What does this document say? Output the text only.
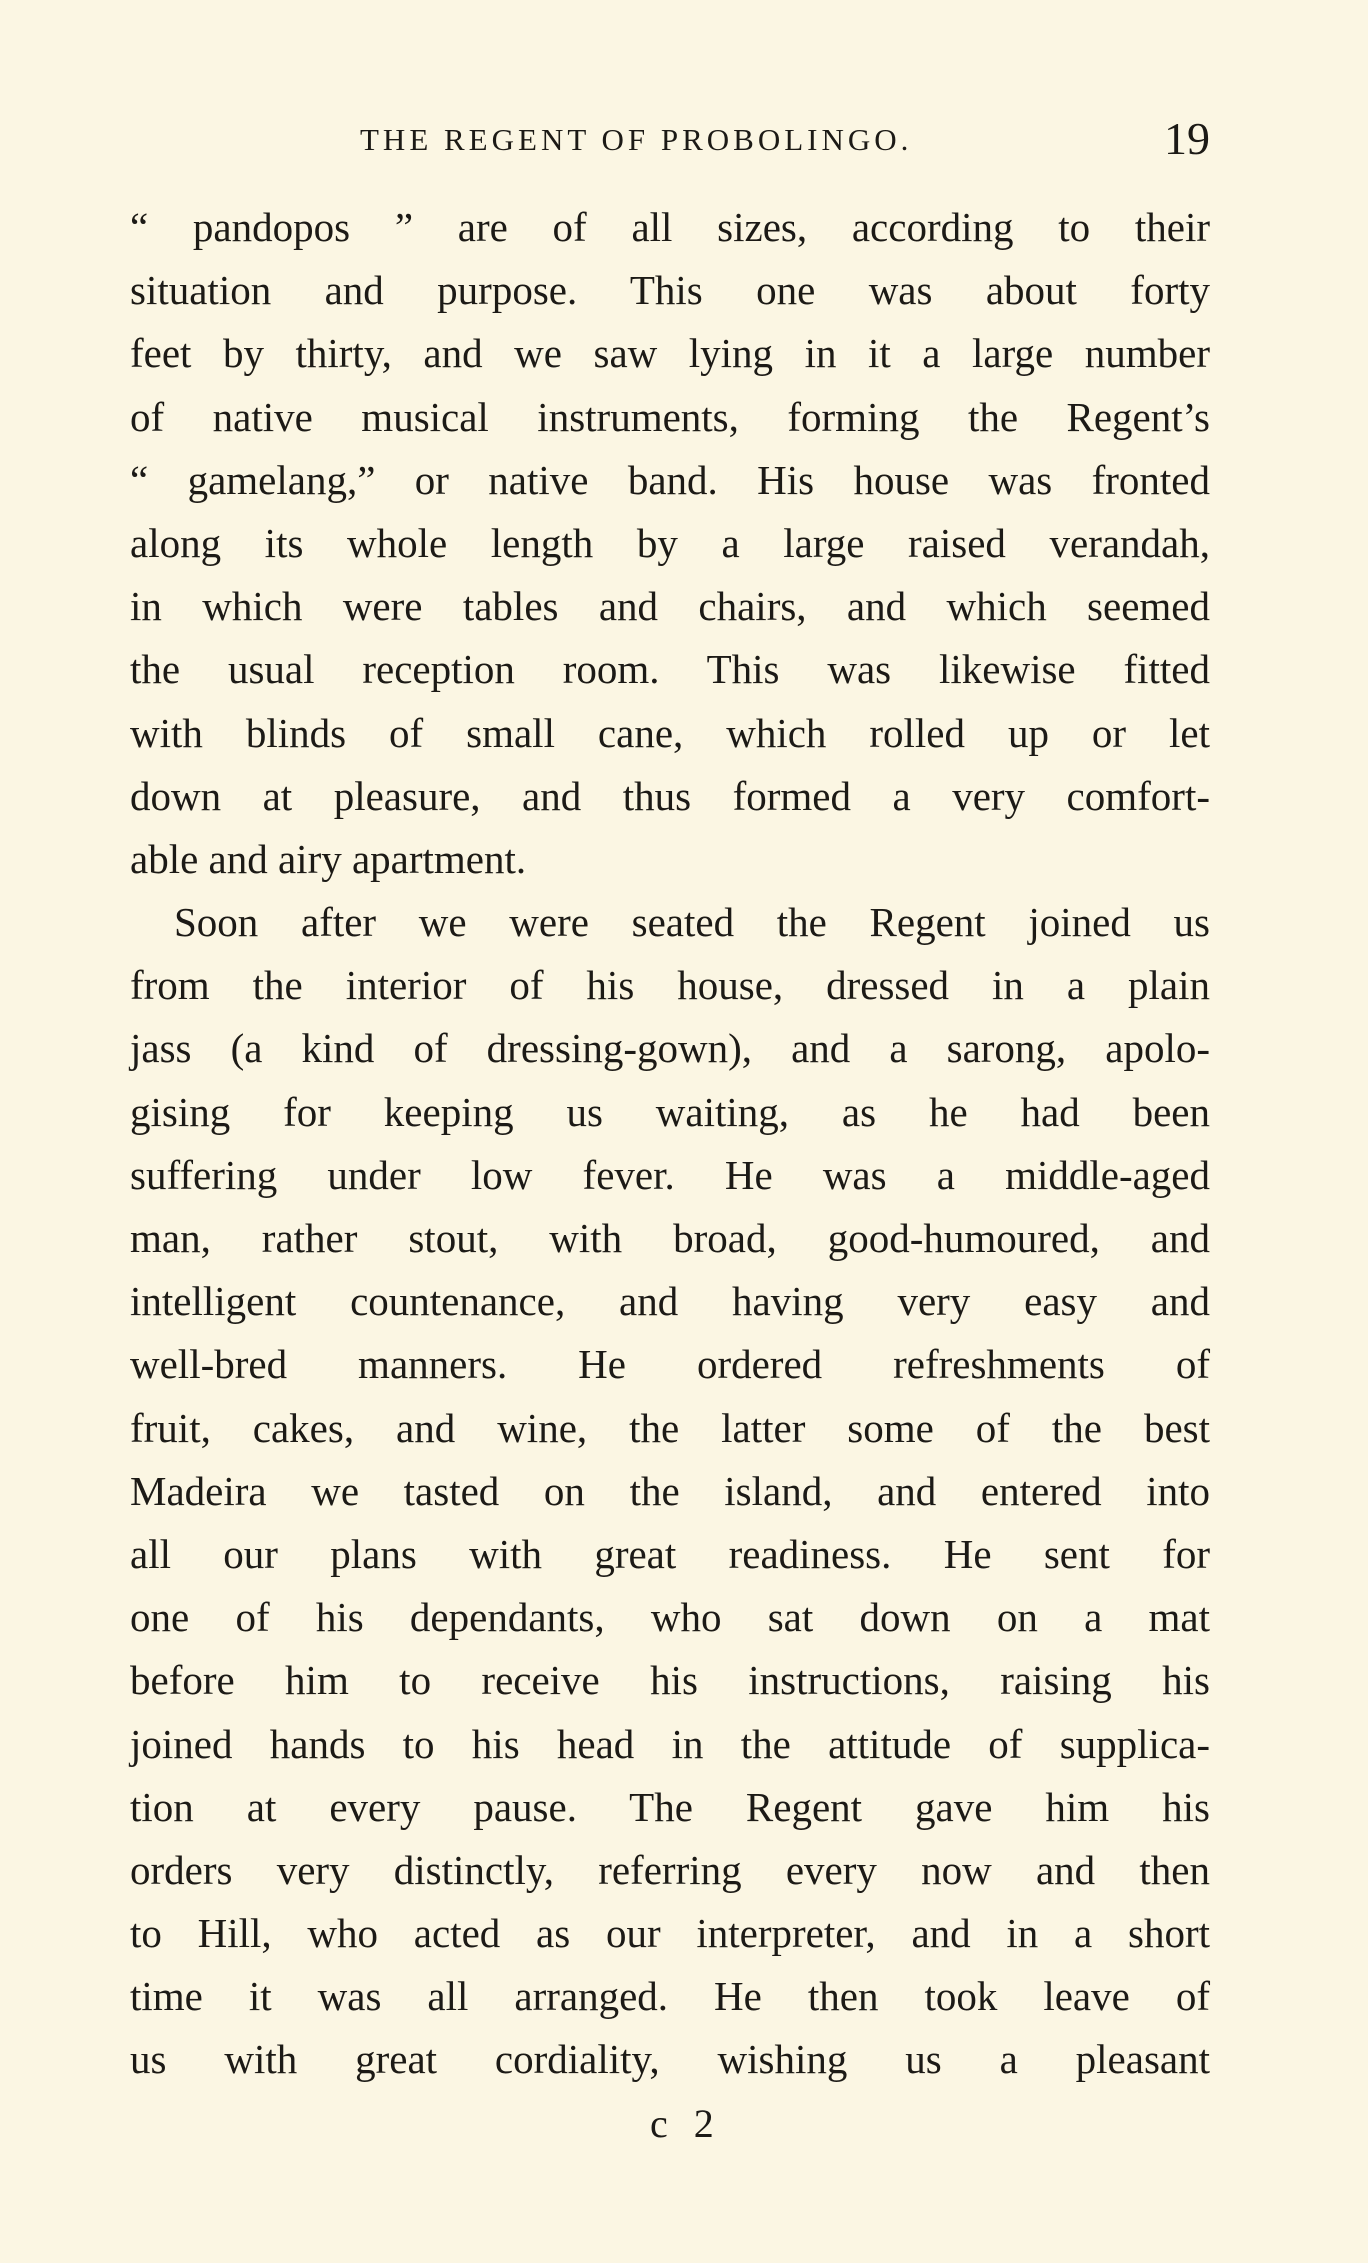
THE REGENT OF PROBOLINGO.	19
“ pandopos ” are of all sizes, according to their
situation and purpose. This one was about forty
feet by thirty, and we saw lying in it a large number
of native musical instruments, forming the Regent’s
“ gamelang,” or native band. His house was fronted
along its whole length by a large raised verandah,
in which were tables and chairs, and which seemed
the usual reception room. This was likewise fitted
with blinds of small cane, which rolled up or let
down at pleasure, and thus formed a very comfort-
able and airy apartment.
Soon after we were seated the Regent joined us
from the interior of his house, dressed in a plain
jass (a kind of dressing-gown), and a sarong, apolo-
gising for keeping us waiting, as he had been
suffering under low fever. He was a middle-aged
man, rather stout, with broad, good-humoured, and
intelligent countenance, and having very easy and
well-bred manners. He ordered refreshments of
fruit, cakes, and wine, the latter some of the best
Madeira we tasted on the island, and entered into
all our plans with great readiness. He sent for
one of his dependants, who sat down on a mat
before him to receive his instructions, raising his
joined hands to his head in the attitude of supplica-
tion at every pause. The Regent gave him his
orders very distinctly, referring every now and then
to Hill, who acted as our interpreter, and in a short
time it was all arranged. He then took leave of
us with great cordiality, wishing us a pleasant
c 2
